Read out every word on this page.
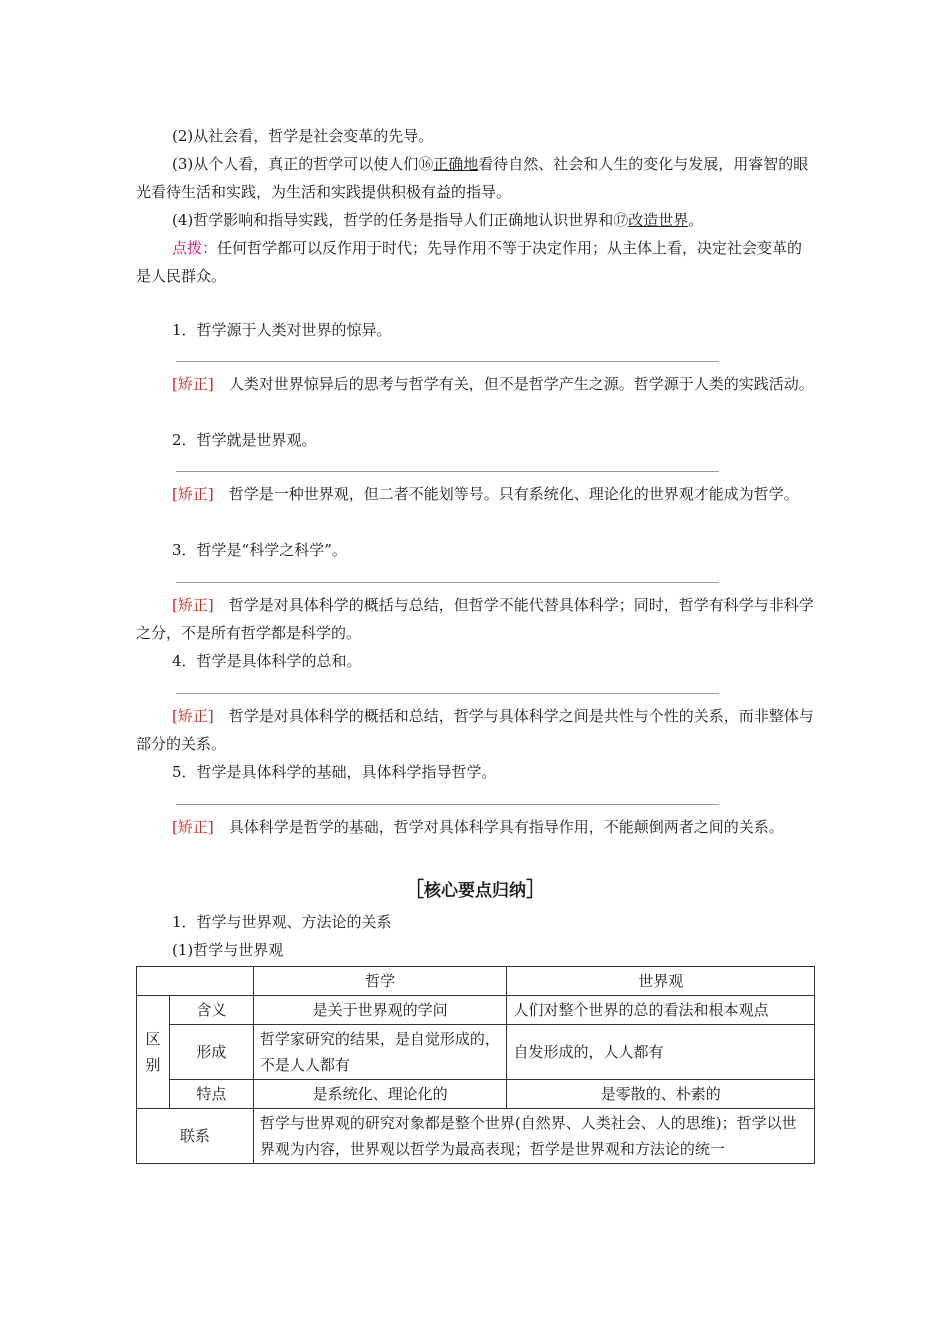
(2)从社会看，哲学是社会变革的先导。

(3)从个人看，真正的哲学可以使人们⑯正确地看待自然、社会和人生的变化与发展，用睿智的眼光看待生活和实践，为生活和实践提供积极有益的指导。

(4)哲学影响和指导实践，哲学的任务是指导人们正确地认识世界和⑰改造世界。

点拨：任何哲学都可以反作用于时代；先导作用不等于决定作用；从主体上看，决定社会变革的是人民群众。

1．哲学源于人类对世界的惊异。

[矫正]　 人类对世界惊异后的思考与哲学有关，但不是哲学产生之源。哲学源于人类的实践活动。

2．哲学就是世界观。

[矫正]　 哲学是一种世界观，但二者不能划等号。只有系统化、理论化的世界观才能成为哲学。

3．哲学是“科学之科学”。

[矫正]　 哲学是对具体科学的概括与总结，但哲学不能代替具体科学；同时，哲学有科学与非科学之分，不是所有哲学都是科学的。

4．哲学是具体科学的总和。

[矫正]　 哲学是对具体科学的概括和总结，哲学与具体科学之间是共性与个性的关系，而非整体与部分的关系。

5．哲学是具体科学的基础，具体科学指导哲学。

[矫正]　 具体科学是哲学的基础，哲学对具体科学具有指导作用，不能颠倒两者之间的关系。

［核心要点归纳］

1．哲学与世界观、方法论的关系

(1)哲学与世界观

		哲学	世界观
区别	含义	是关于世界观的学问	人们对整个世界的总的看法和根本观点
	形成	哲学家研究的结果，是自觉形成的，不是人人都有	自发形成的，人人都有
	特点	是系统化、理论化的	是零散的、朴素的
联系		哲学与世界观的研究对象都是整个世界(自然界、人类社会、人的思维)；哲学以世界观为内容，世界观以哲学为最高表现；哲学是世界观和方法论的统一	
